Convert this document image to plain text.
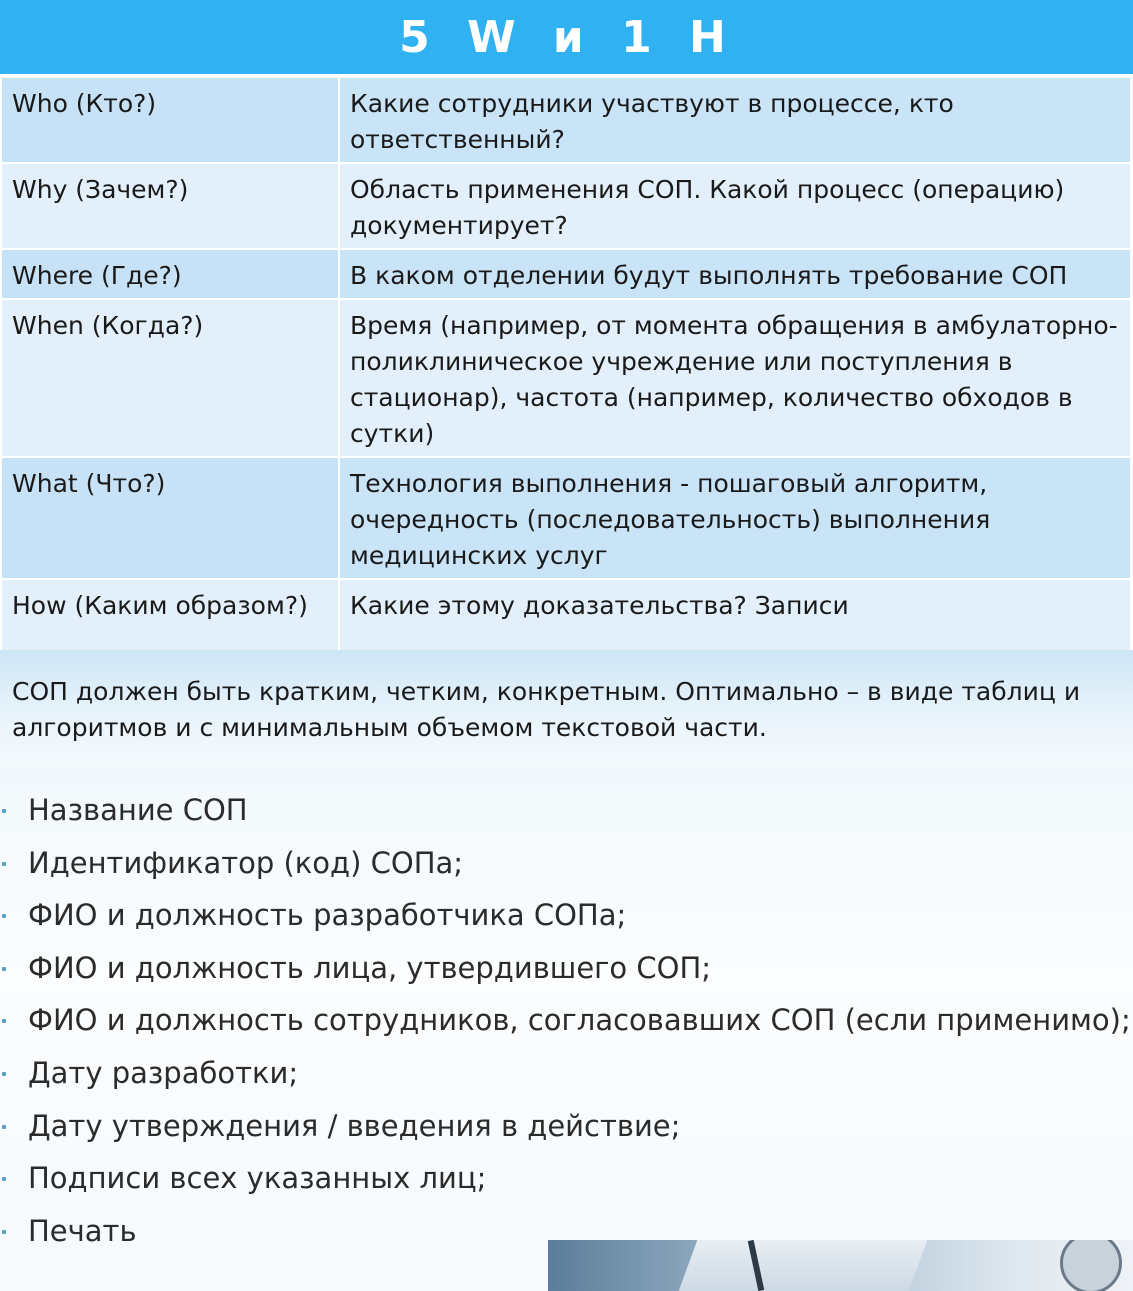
5 W и 1 H
Who (Кто?)	Какие сотрудники участвуют в процессе, кто ответственный?
Why (Зачем?)	Область применения СОП. Какой процесс (операцию) документирует?
Where (Где?)	В каком отделении будут выполнять требование СОП
When (Когда?)	Время (например, от момента обращения в амбулаторно-поликлиническое учреждение или поступления в стационар), частота (например, количество обходов в сутки)
What (Что?)	Технология выполнения - пошаговый алгоритм, очередность (последовательность) выполнения медицинских услуг
How (Каким образом?)	Какие этому доказательства? Записи

СОП должен быть кратким, четким, конкретным. Оптимально – в виде таблиц и алгоритмов и с минимальным объемом текстовой части.

Название СОП
Идентификатор (код) СОПа;
ФИО и должность разработчика СОПа;
ФИО и должность лица, утвердившего СОП;
ФИО и должность сотрудников, согласовавших СОП (если применимо);
Дату разработки;
Дату утверждения / введения в действие;
Подписи всех указанных лиц;
Печать
